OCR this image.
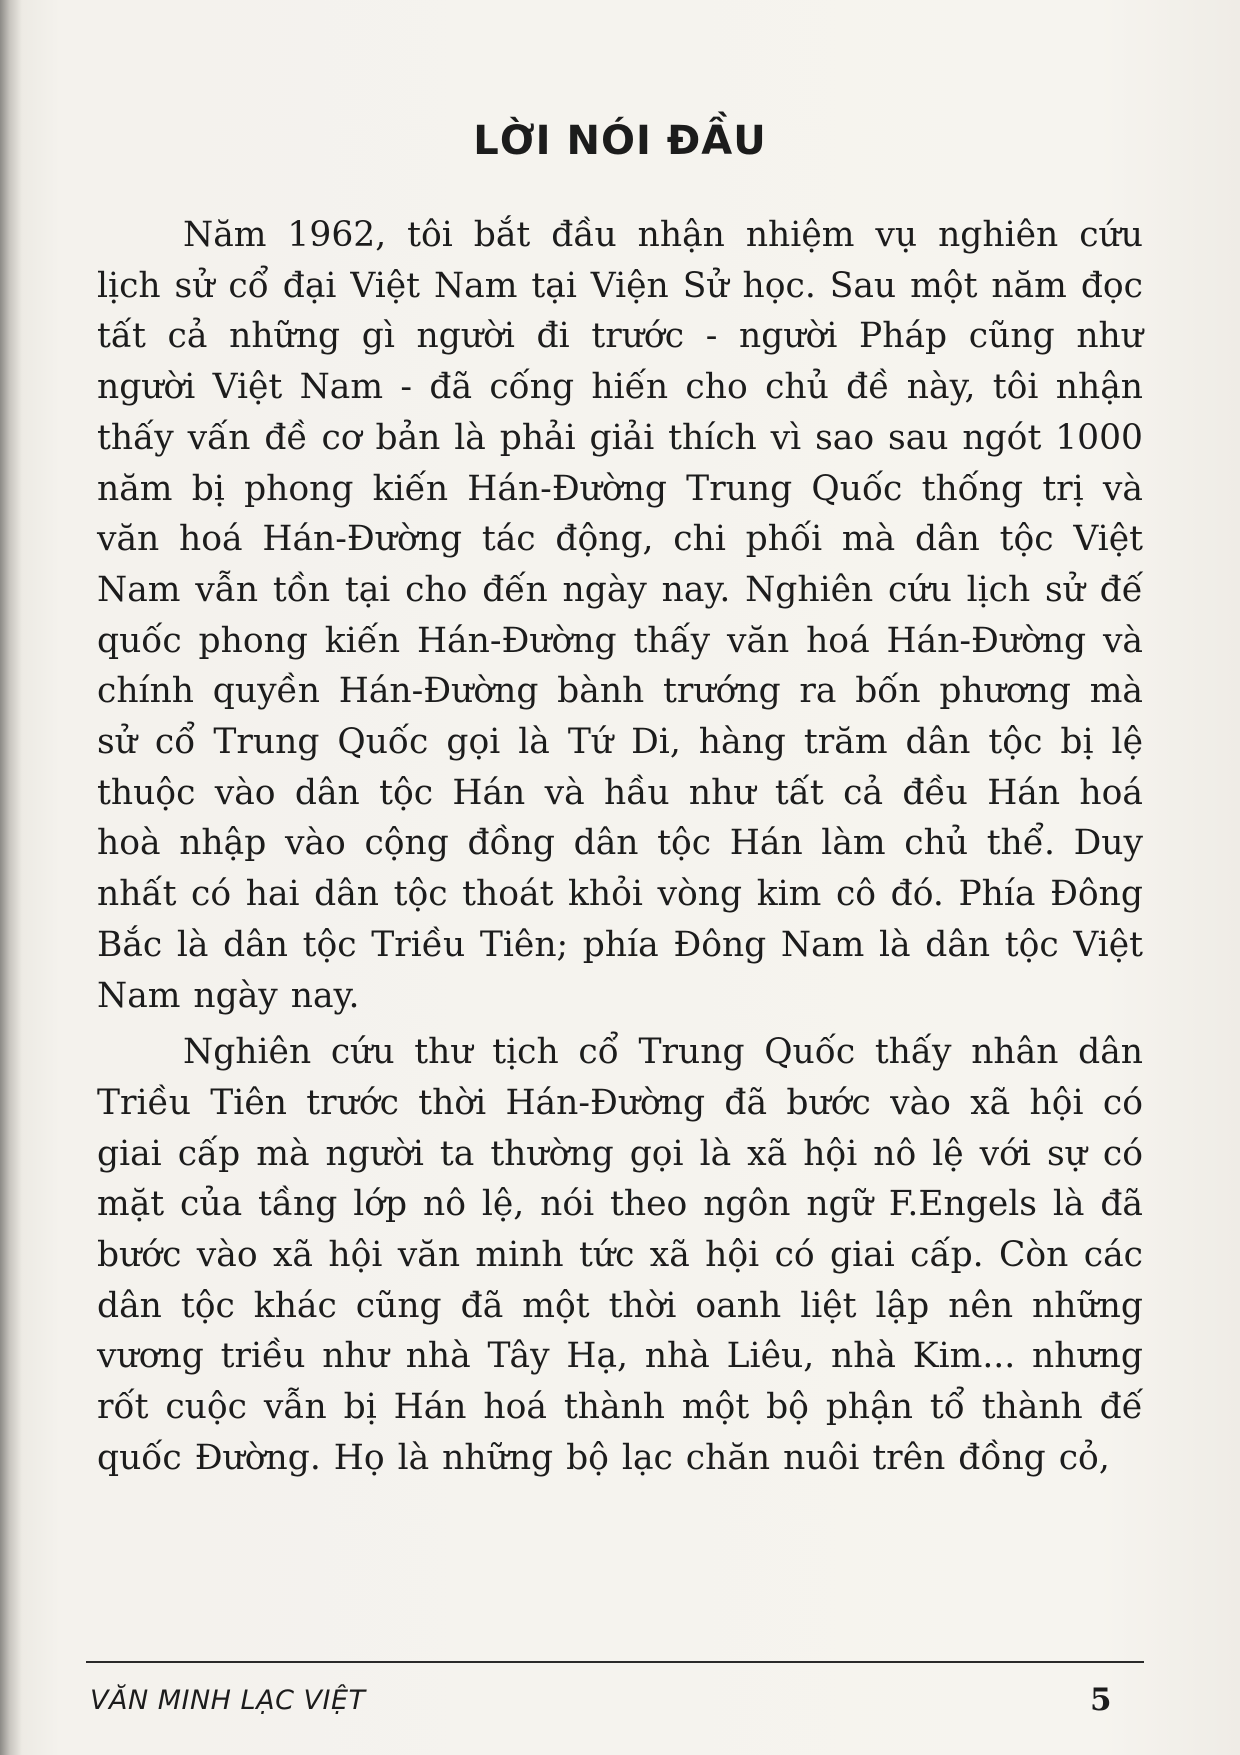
LỜI NÓI ĐẦU

Năm 1962, tôi bắt đầu nhận nhiệm vụ nghiên cứu lịch sử cổ đại Việt Nam tại Viện Sử học. Sau một năm đọc tất cả những gì người đi trước - người Pháp cũng như người Việt Nam - đã cống hiến cho chủ đề này, tôi nhận thấy vấn đề cơ bản là phải giải thích vì sao sau ngót 1000 năm bị phong kiến Hán-Đường Trung Quốc thống trị và văn hoá Hán-Đường tác động, chi phối mà dân tộc Việt Nam vẫn tồn tại cho đến ngày nay. Nghiên cứu lịch sử đế quốc phong kiến Hán-Đường thấy văn hoá Hán-Đường và chính quyền Hán-Đường bành trướng ra bốn phương mà sử cổ Trung Quốc gọi là Tứ Di, hàng trăm dân tộc bị lệ thuộc vào dân tộc Hán và hầu như tất cả đều Hán hoá hoà nhập vào cộng đồng dân tộc Hán làm chủ thể. Duy nhất có hai dân tộc thoát khỏi vòng kim cô đó. Phía Đông Bắc là dân tộc Triều Tiên; phía Đông Nam là dân tộc Việt Nam ngày nay.

Nghiên cứu thư tịch cổ Trung Quốc thấy nhân dân Triều Tiên trước thời Hán-Đường đã bước vào xã hội có giai cấp mà người ta thường gọi là xã hội nô lệ với sự có mặt của tầng lớp nô lệ, nói theo ngôn ngữ F.Engels là đã bước vào xã hội văn minh tức xã hội có giai cấp. Còn các dân tộc khác cũng đã một thời oanh liệt lập nên những vương triều như nhà Tây Hạ, nhà Liêu, nhà Kim... nhưng rốt cuộc vẫn bị Hán hoá thành một bộ phận tổ thành đế quốc Đường. Họ là những bộ lạc chăn nuôi trên đồng cỏ,

VĂN MINH LẠC VIỆT	5
